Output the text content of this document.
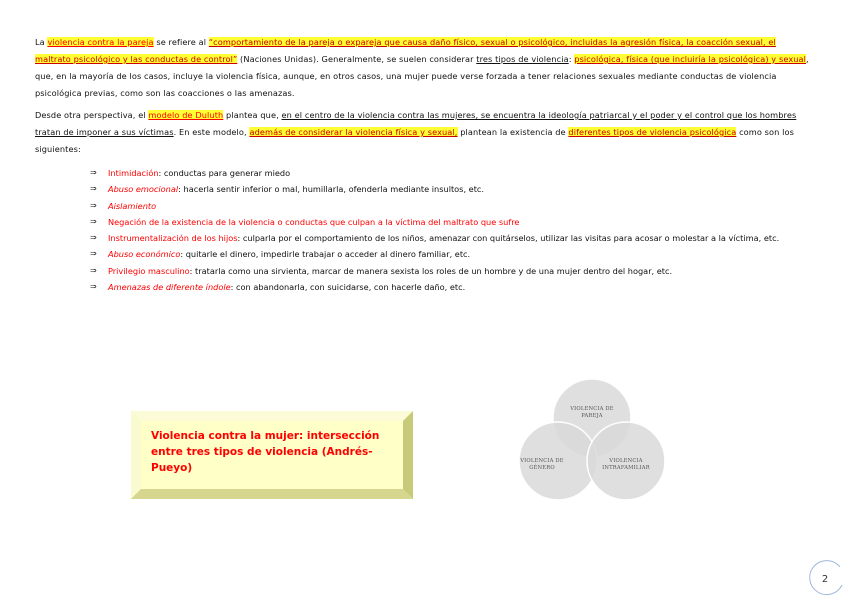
La violencia contra la pareja se refiere al “comportamiento de la pareja o expareja que causa daño físico, sexual o psicológico, incluidas la agresión física, la coacción sexual, el maltrato psicológico y las conductas de control” (Naciones Unidas). Generalmente, se suelen considerar tres tipos de violencia: psicológica, física (que incluiría la psicológica) y sexual, que, en la mayoría de los casos, incluye la violencia física, aunque, en otros casos, una mujer puede verse forzada a tener relaciones sexuales mediante conductas de violencia psicológica previas, como son las coacciones o las amenazas.

Desde otra perspectiva, el modelo de Duluth plantea que, en el centro de la violencia contra las mujeres, se encuentra la ideología patriarcal y el poder y el control que los hombres tratan de imponer a sus víctimas. En este modelo, además de considerar la violencia física y sexual, plantean la existencia de diferentes tipos de violencia psicológica como son los siguientes:

⇒ Intimidación: conductas para generar miedo
⇒ Abuso emocional: hacerla sentir inferior o mal, humillarla, ofenderla mediante insultos, etc.
⇒ Aislamiento
⇒ Negación de la existencia de la violencia o conductas que culpan a la víctima del maltrato que sufre
⇒ Instrumentalización de los hijos: culparla por el comportamiento de los niños, amenazar con quitárselos, utilizar las visitas para acosar o molestar a la víctima, etc.
⇒ Abuso económico: quitarle el dinero, impedirle trabajar o acceder al dinero familiar, etc.
⇒ Privilegio masculino: tratarla como una sirvienta, marcar de manera sexista los roles de un hombre y de una mujer dentro del hogar, etc.
⇒ Amenazas de diferente índole: con abandonarla, con suicidarse, con hacerle daño, etc.
Violencia contra la mujer: intersección entre tres tipos de violencia (Andrés-Pueyo)
VIOLENCIA DE PAREJA
VIOLENCIA DE GÉNERO
VIOLENCIA INTRAFAMILIAR
2
